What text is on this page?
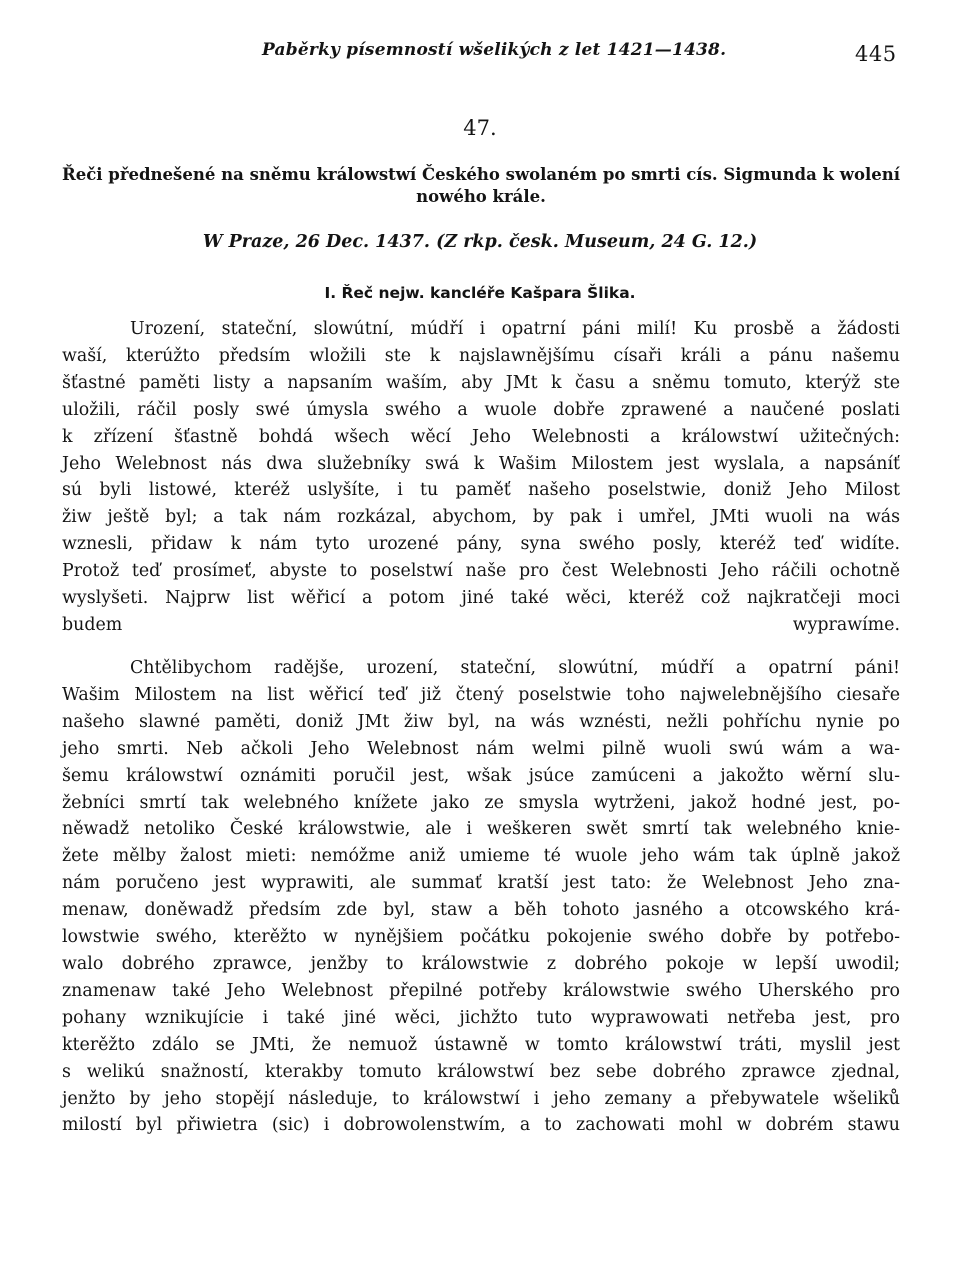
Paběrky písemností wšelikých z let 1421—1438.	445
47.
Řeči přednešené na sněmu králowstwí Českého swolaném po smrti cís. Sigmunda k wolení nowého krále.
W Praze, 26 Dec. 1437. (Z rkp. česk. Museum, 24 G. 12.)
I. Řeč nejw. kancléře Kašpara Šlika.
Urození, stateční, slowútní, múdří i opatrní páni milí! Ku prosbě a žádosti
waší, kterúžto předsím wložili ste k najslawnějšímu císaři králi a pánu našemu
šťastné paměti listy a napsaním waším, aby JMt k času a sněmu tomuto, kterýž ste
uložili, ráčil posly swé úmysla swého a wuole dobře zprawené a naučené poslati
k zřízení šťastně bohdá wšech wěcí Jeho Welebnosti a králowstwí užitečných:
Jeho Welebnost nás dwa služebníky swá k Wašim Milostem jest wyslala, a napsáníť
sú byli listowé, kteréž uslyšíte, i tu paměť našeho poselstwie, doniž Jeho Milost
žiw ještě byl; a tak nám rozkázal, abychom, by pak i umřel, JMti wuoli na wás
wznesli, přidaw k nám tyto urozené pány, syna swého posly, kteréž teď widíte.
Protož teď prosímeť, abyste to poselstwí naše pro čest Welebnosti Jeho ráčili ochotně
wyslyšeti. Najprw list wěřicí a potom jiné také wěci, kteréž což najkratčeji moci
budem wyprawíme.
Chtělibychom radějše, urození, stateční, slowútní, múdří a opatrní páni!
Wašim Milostem na list wěřicí teď již čtený poselstwie toho najwelebnějšího ciesaře
našeho slawné paměti, doniž JMt žiw byl, na wás wznésti, nežli pohříchu nynie po
jeho smrti. Neb ačkoli Jeho Welebnost nám welmi pilně wuoli swú wám a wa-
šemu králowstwí oznámiti poručil jest, wšak jsúce zamúceni a jakožto wěrní slu-
žebníci smrtí tak welebného knížete jako ze smysla wytrženi, jakož hodné jest, po-
něwadž netoliko České králowstwie, ale i weškeren swět smrtí tak welebného knie-
žete mělby žalost mieti: nemóžme aniž umieme té wuole jeho wám tak úplně jakož
nám poručeno jest wyprawiti, ale summať kratší jest tato: že Welebnost Jeho zna-
menaw, doněwadž předsím zde byl, staw a běh tohoto jasného a otcowského krá-
lowstwie swého, kterěžto w nynějšiem počátku pokojenie swého dobře by potřebo-
walo dobrého zprawce, jenžby to králowstwie z dobrého pokoje w lepší uwodil;
znamenaw také Jeho Welebnost přepilné potřeby králowstwie swého Uherského pro
pohany wznikujície i také jiné wěci, jichžto tuto wyprawowati netřeba jest, pro
kterěžto zdálo se JMti, že nemuož ústawně w tomto králowstwí tráti, myslil jest
s welikú snažností, kterakby tomuto králowstwí bez sebe dobrého zprawce zjednal,
jenžto by jeho stopějí následuje, to králowstwí i jeho zemany a přebywatele wšeliků
milostí byl přiwietra (sic) i dobrowolenstwím, a to zachowati mohl w dobrém stawu
